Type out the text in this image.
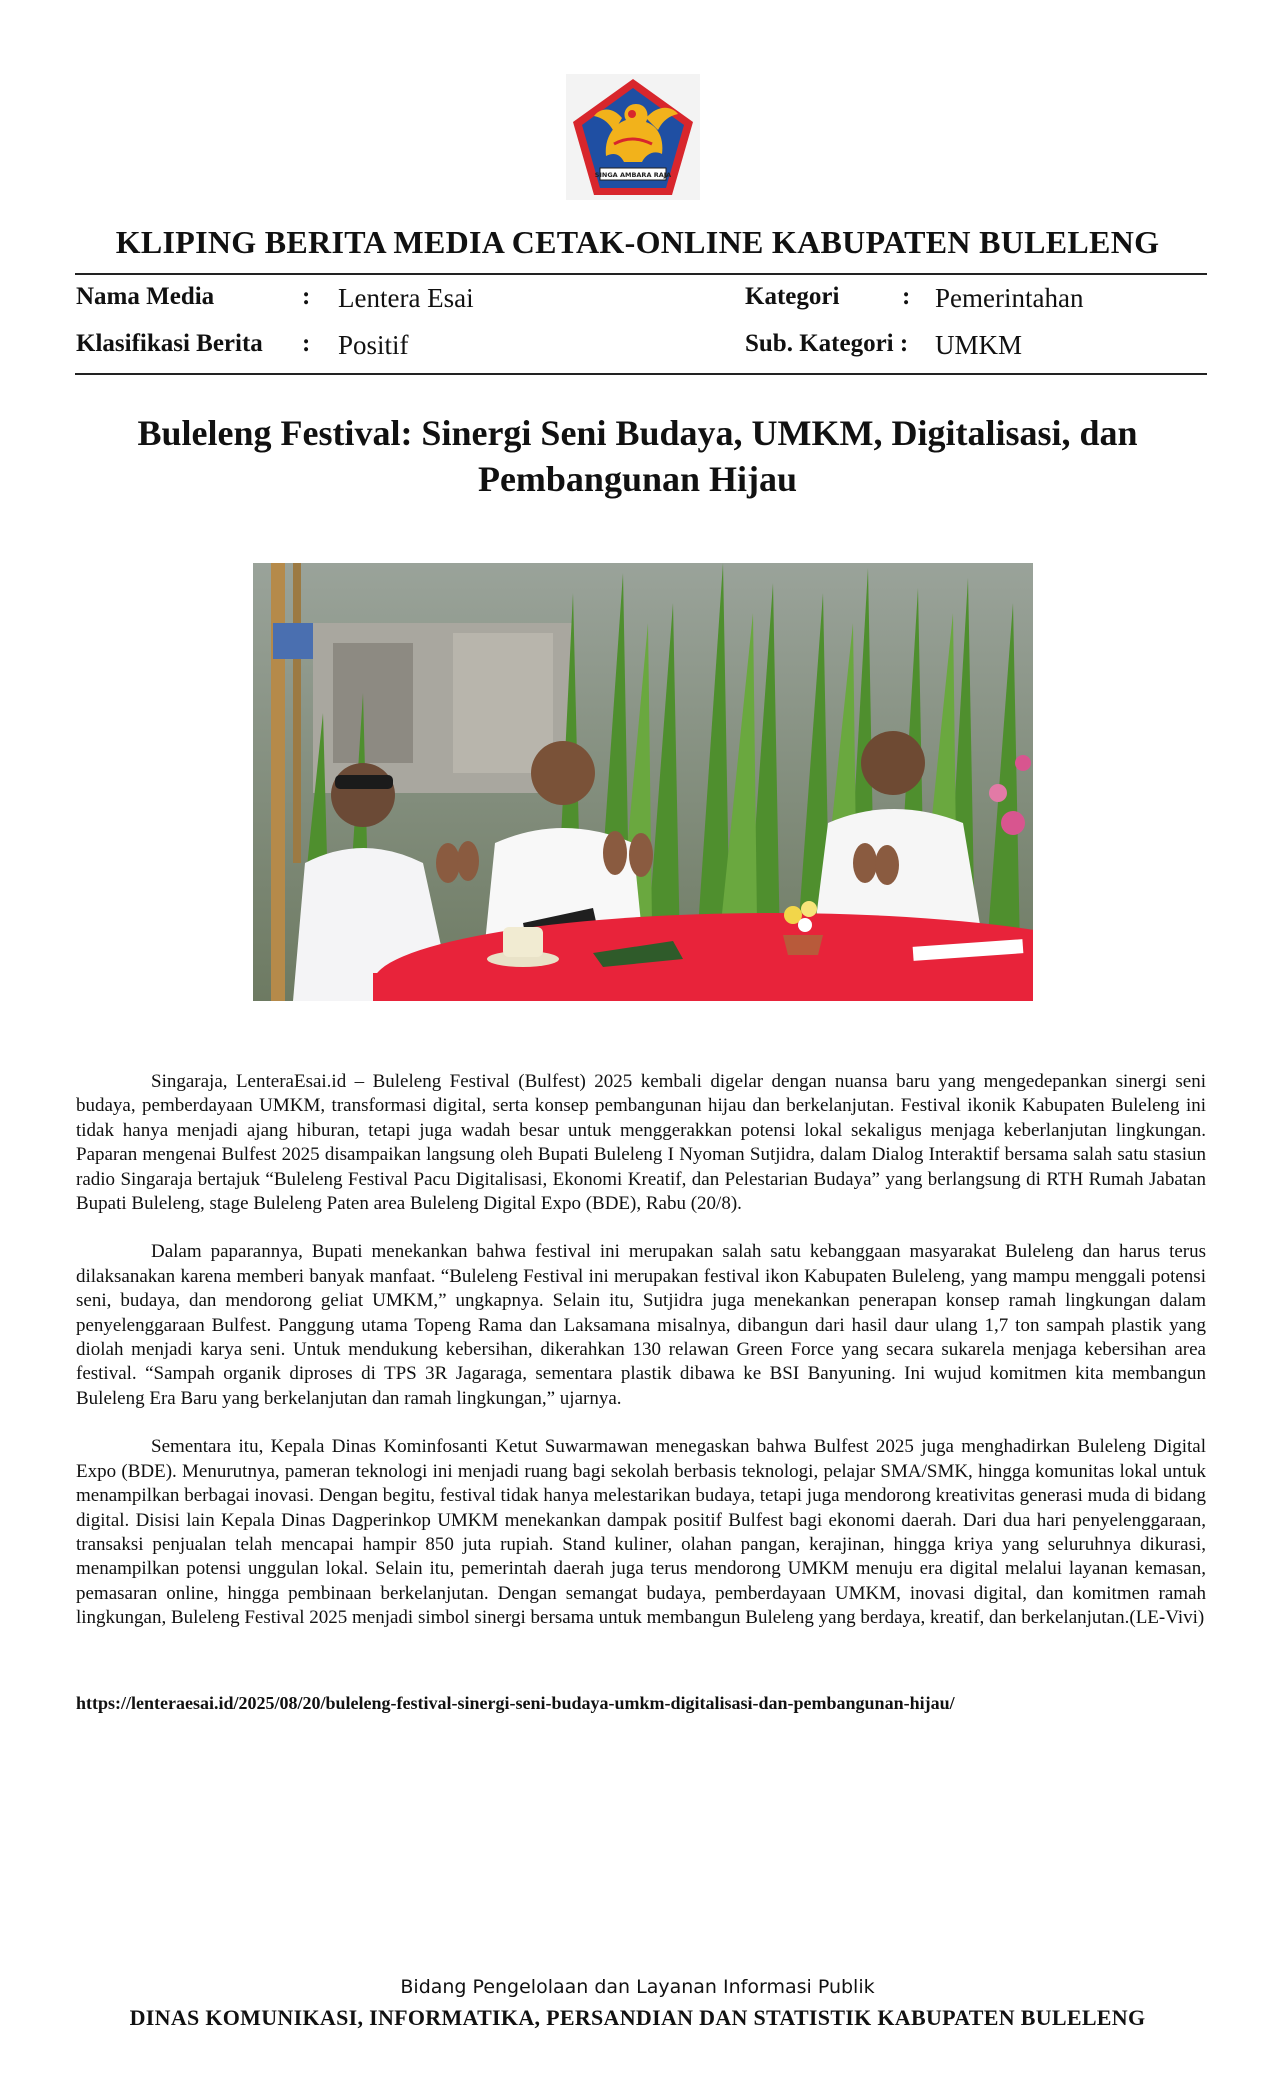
SINGA AMBARA RAJA
KLIPING BERITA MEDIA CETAK-ONLINE KABUPATEN BULELENG
Nama Media	: Lentera Esai	Kategori	: Pemerintahan
Klasifikasi Berita : Positif	Sub. Kategori : UMKM
Buleleng Festival: Sinergi Seni Budaya, UMKM, Digitalisasi, dan
Pembangunan Hijau

Singaraja, LenteraEsai.id – Buleleng Festival (Bulfest) 2025 kembali digelar dengan nuansa baru yang mengedepankan sinergi seni budaya, pemberdayaan UMKM, transformasi digital, serta konsep pembangunan hijau dan berkelanjutan. Festival ikonik Kabupaten Buleleng ini tidak hanya menjadi ajang hiburan, tetapi juga wadah besar untuk menggerakkan potensi lokal sekaligus menjaga keberlanjutan lingkungan. Paparan mengenai Bulfest 2025 disampaikan langsung oleh Bupati Buleleng I Nyoman Sutjidra, dalam Dialog Interaktif bersama salah satu stasiun radio Singaraja bertajuk “Buleleng Festival Pacu Digitalisasi, Ekonomi Kreatif, dan Pelestarian Budaya” yang berlangsung di RTH Rumah Jabatan Bupati Buleleng, stage Buleleng Paten area Buleleng Digital Expo (BDE), Rabu (20/8).

Dalam paparannya, Bupati menekankan bahwa festival ini merupakan salah satu kebanggaan masyarakat Buleleng dan harus terus dilaksanakan karena memberi banyak manfaat. “Buleleng Festival ini merupakan festival ikon Kabupaten Buleleng, yang mampu menggali potensi seni, budaya, dan mendorong geliat UMKM,” ungkapnya. Selain itu, Sutjidra juga menekankan penerapan konsep ramah lingkungan dalam penyelenggaraan Bulfest. Panggung utama Topeng Rama dan Laksamana misalnya, dibangun dari hasil daur ulang 1,7 ton sampah plastik yang diolah menjadi karya seni. Untuk mendukung kebersihan, dikerahkan 130 relawan Green Force yang secara sukarela menjaga kebersihan area festival. “Sampah organik diproses di TPS 3R Jagaraga, sementara plastik dibawa ke BSI Banyuning. Ini wujud komitmen kita membangun Buleleng Era Baru yang berkelanjutan dan ramah lingkungan,” ujarnya.

Sementara itu, Kepala Dinas Kominfosanti Ketut Suwarmawan menegaskan bahwa Bulfest 2025 juga menghadirkan Buleleng Digital Expo (BDE). Menurutnya, pameran teknologi ini menjadi ruang bagi sekolah berbasis teknologi, pelajar SMA/SMK, hingga komunitas lokal untuk menampilkan berbagai inovasi. Dengan begitu, festival tidak hanya melestarikan budaya, tetapi juga mendorong kreativitas generasi muda di bidang digital. Disisi lain Kepala Dinas Dagperinkop UMKM menekankan dampak positif Bulfest bagi ekonomi daerah. Dari dua hari penyelenggaraan, transaksi penjualan telah mencapai hampir 850 juta rupiah. Stand kuliner, olahan pangan, kerajinan, hingga kriya yang seluruhnya dikurasi, menampilkan potensi unggulan lokal. Selain itu, pemerintah daerah juga terus mendorong UMKM menuju era digital melalui layanan kemasan, pemasaran online, hingga pembinaan berkelanjutan. Dengan semangat budaya, pemberdayaan UMKM, inovasi digital, dan komitmen ramah lingkungan, Buleleng Festival 2025 menjadi simbol sinergi bersama untuk membangun Buleleng yang berdaya, kreatif, dan berkelanjutan.(LE-Vivi)

https://lenteraesai.id/2025/08/20/buleleng-festival-sinergi-seni-budaya-umkm-digitalisasi-dan-pembangunan-hijau/
Bidang Pengelolaan dan Layanan Informasi Publik
DINAS KOMUNIKASI, INFORMATIKA, PERSANDIAN DAN STATISTIK KABUPATEN BULELENG
